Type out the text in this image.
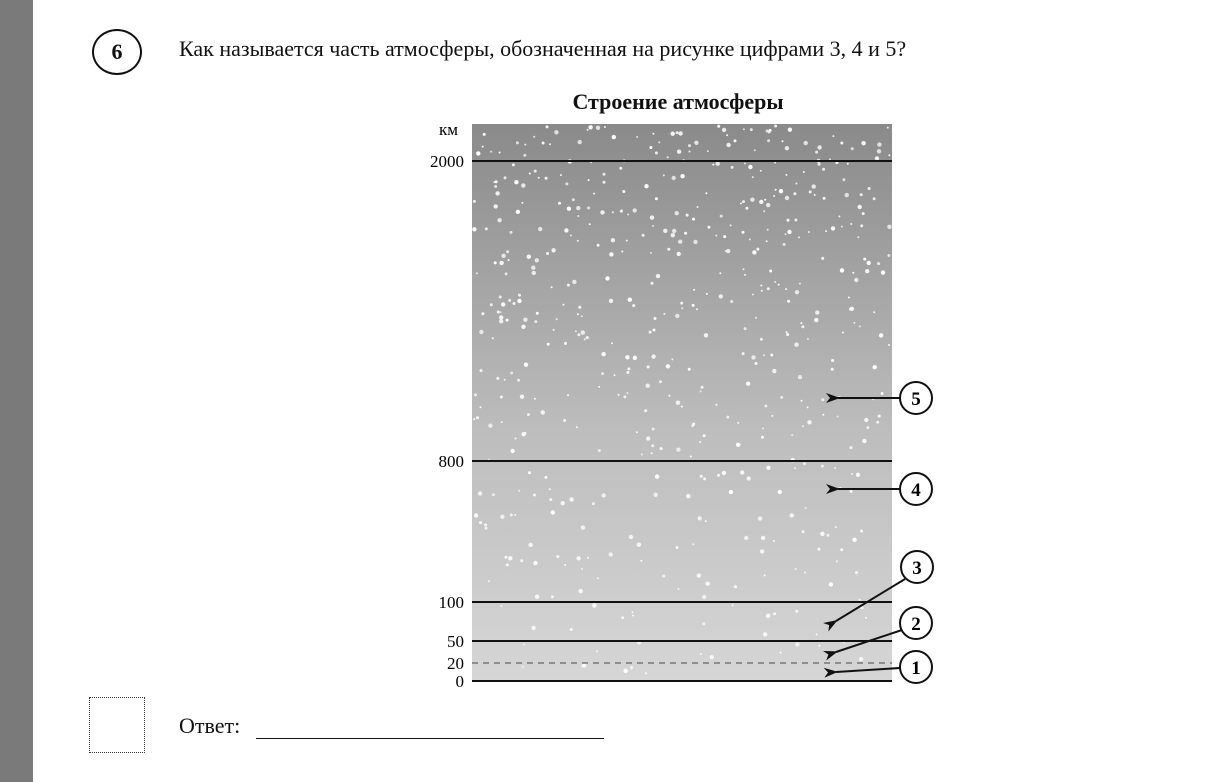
6	Как называется часть атмосферы, обозначенная на рисунке цифрами 3, 4 и 5?
Строение атмосферы
км
2000
800
100
50
20
0
5
4
3
2
1
Ответ:
